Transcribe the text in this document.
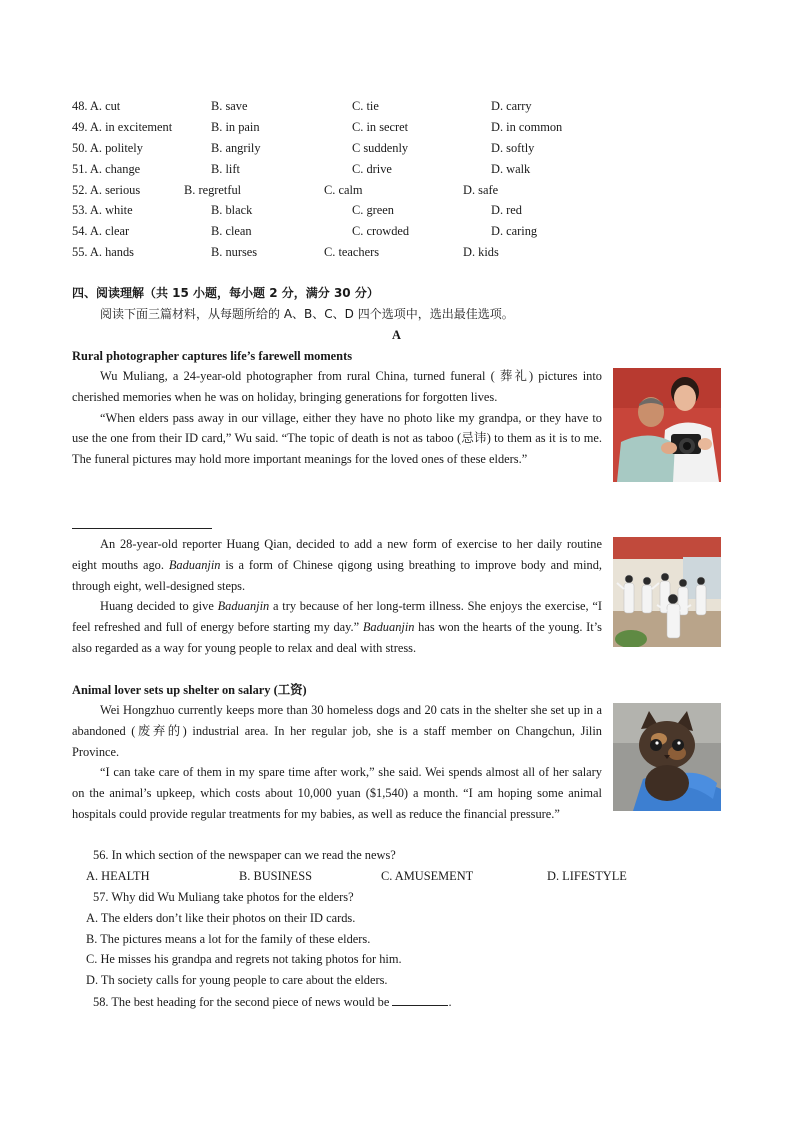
48. A. cut	B. save	C. tie	D. carry
49. A. in excitement	B. in pain	C. in secret	D. in common
50. A. politely	B. angrily	C suddenly	D. softly
51. A. change	B. lift	C. drive	D. walk
52. A. serious	B. regretful	C. calm	D. safe
53. A. white	B. black	C. green	D. red
54. A. clear	B. clean	C. crowded	D. caring
55. A. hands	B. nurses	C. teachers	D. kids
四、阅读理解（共 15 小题，每小题 2 分，满分 30 分）
阅读下面三篇材料，从每题所给的 A、B、C、D 四个选项中，选出最佳选项。
A
Rural photographer captures life’s farewell moments

Wu Muliang, a 24-year-old photographer from rural China, turned funeral ( 葬礼) pictures into cherished memories when he was on holiday, bringing generations for forgotten lives.

“When elders pass away in our village, either they have no photo like my grandpa, or they have to use the one from their ID card,” Wu said. “The topic of death is not as taboo (忌讳) to them as it is to me. The funeral pictures may hold more important meanings for the loved ones of these elders.”

An 28-year-old reporter Huang Qian, decided to add a new form of exercise to her daily routine eight mouths ago. Baduanjin is a form of Chinese qigong using breathing to improve body and mind, through eight, well-designed steps.

Huang decided to give Baduanjin a try because of her long-term illness. She enjoys the exercise, “I feel refreshed and full of energy before starting my day.” Baduanjin has won the hearts of the young. It’s also regarded as a way for young people to relax and deal with stress.

Animal lover sets up shelter on salary (工资)

Wei Hongzhuo currently keeps more than 30 homeless dogs and 20 cats in the shelter she set up in a abandoned (废弃的) industrial area. In her regular job, she is a staff member on Changchun, Jilin Province.

“I can take care of them in my spare time after work,” she said. Wei spends almost all of her salary on the animal’s upkeep, which costs about 10,000 yuan ($1,540) a month. “I am hoping some animal hospitals could provide regular treatments for my babies, as well as reduce the financial pressure.”

56. In which section of the newspaper can we read the news?
A. HEALTH	B. BUSINESS	C. AMUSEMENT	D. LIFESTYLE
57. Why did Wu Muliang take photos for the elders?
A. The elders don’t like their photos on their ID cards.
B. The pictures means a lot for the family of these elders.
C. He misses his grandpa and regrets not taking photos for him.
D. Th society calls for young people to care about the elders.
58. The best heading for the second piece of news would be	.
